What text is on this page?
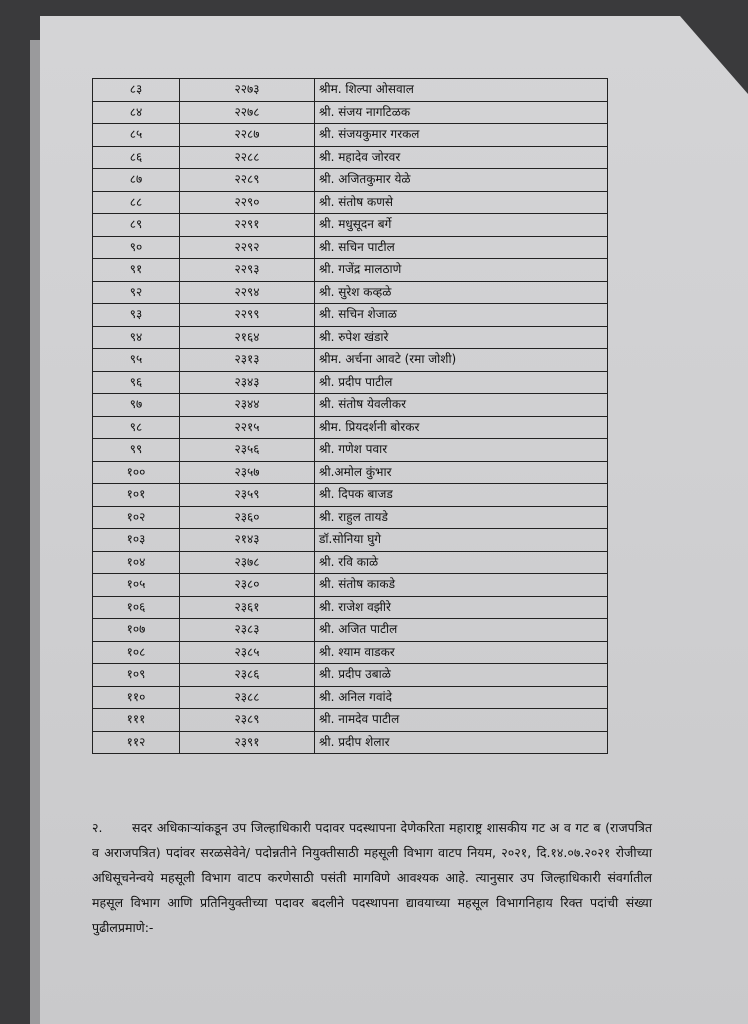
८३	२२७३	श्रीम. शिल्पा ओसवाल
८४	२२७८	श्री. संजय नागटिळक
८५	२२८७	श्री. संजयकुमार गरकल
८६	२२८८	श्री. महादेव जोरवर
८७	२२८९	श्री. अजितकुमार येळे
८८	२२९०	श्री. संतोष कणसे
८९	२२९१	श्री. मधुसूदन बर्गे
९०	२२९२	श्री. सचिन पाटील
९१	२२९३	श्री. गजेंद्र मालठाणे
९२	२२९४	श्री. सुरेश कव्हळे
९३	२२९९	श्री. सचिन शेजाळ
९४	२१६४	श्री. रुपेश खंडारे
९५	२३१३	श्रीम. अर्चना आवटे (रमा जोशी)
९६	२३४३	श्री. प्रदीप पाटील
९७	२३४४	श्री. संतोष येवलीकर
९८	२२१५	श्रीम. प्रियदर्शनी बोरकर
९९	२३५६	श्री. गणेश पवार
१००	२३५७	श्री.अमोल कुंभार
१०१	२३५९	श्री. दिपक बाजड
१०२	२३६०	श्री. राहुल तायडे
१०३	२१४३	डॉ.सोनिया घुगे
१०४	२३७८	श्री. रवि काळे
१०५	२३८०	श्री. संतोष काकडे
१०६	२३६१	श्री. राजेश वझीरे
१०७	२३८३	श्री. अजित पाटील
१०८	२३८५	श्री. श्याम वाडकर
१०९	२३८६	श्री. प्रदीप उबाळे
११०	२३८८	श्री. अनिल गवांदे
१११	२३८९	श्री. नामदेव पाटील
११२	२३९१	श्री. प्रदीप शेलार
२. सदर अधिकाऱ्यांकडून उप जिल्हाधिकारी पदावर पदस्थापना देणेकरिता महाराष्ट्र शासकीय गट अ व गट ब (राजपत्रित व अराजपत्रित) पदांवर सरळसेवेने/ पदोन्नतीने नियुक्तीसाठी महसूली विभाग वाटप नियम, २०२१, दि.१४.०७.२०२१ रोजीच्या अधिसूचनेन्वये महसूली विभाग वाटप करणेसाठी पसंती मागविणे आवश्यक आहे. त्यानुसार उप जिल्हाधिकारी संवर्गातील महसूल विभाग आणि प्रतिनियुक्तीच्या पदावर बदलीने पदस्थापना द्यावयाच्या महसूल विभागनिहाय रिक्त पदांची संख्या पुढीलप्रमाणे:-
